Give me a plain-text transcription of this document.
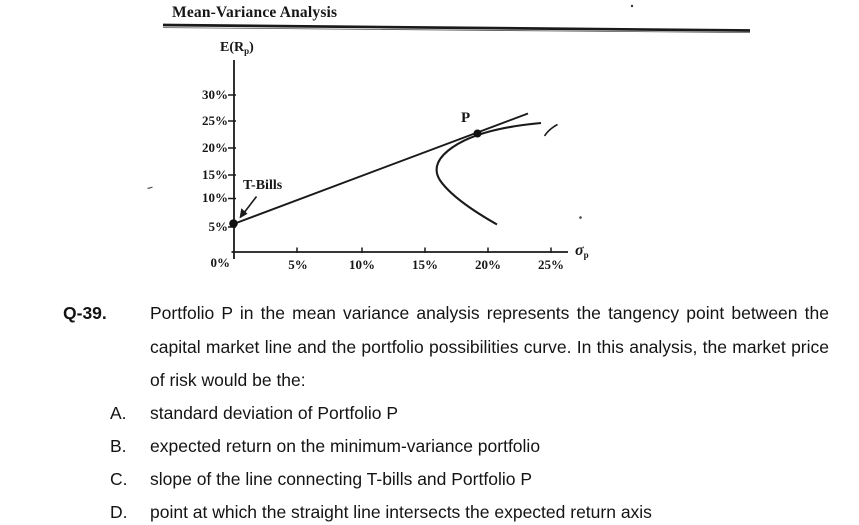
Mean-Variance Analysis
$E(R_p)$
30%
25%
20%
15%
10%
5%
0%	5%	10%	15%	20%	25%
$\sigma_p$
T-Bills
P
Q-39. Portfolio P in the mean variance analysis represents the tangency point between the
capital market line and the portfolio possibilities curve. In this analysis, the market price
of risk would be the:
A.	standard deviation of Portfolio P
B.	expected return on the minimum-variance portfolio
C.	slope of the line connecting T-bills and Portfolio P
D.	point at which the straight line intersects the expected return axis
